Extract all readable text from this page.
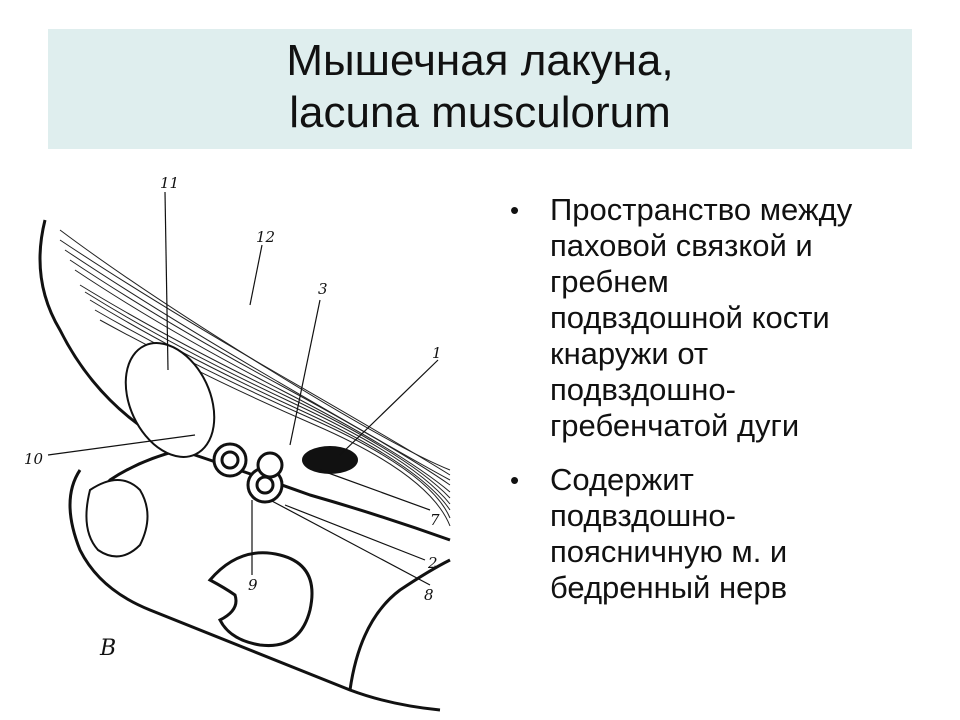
Мышечная лакуна,
lacuna musculorum
11
12
3
1
10
7
2
8
9
В
• Пространство между
паховой связкой и
гребнем
подвздошной кости
кнаружи от
подвздошно-
гребенчатой дуги
• Содержит
подвздошно-
поясничную м. и
бедренный нерв
